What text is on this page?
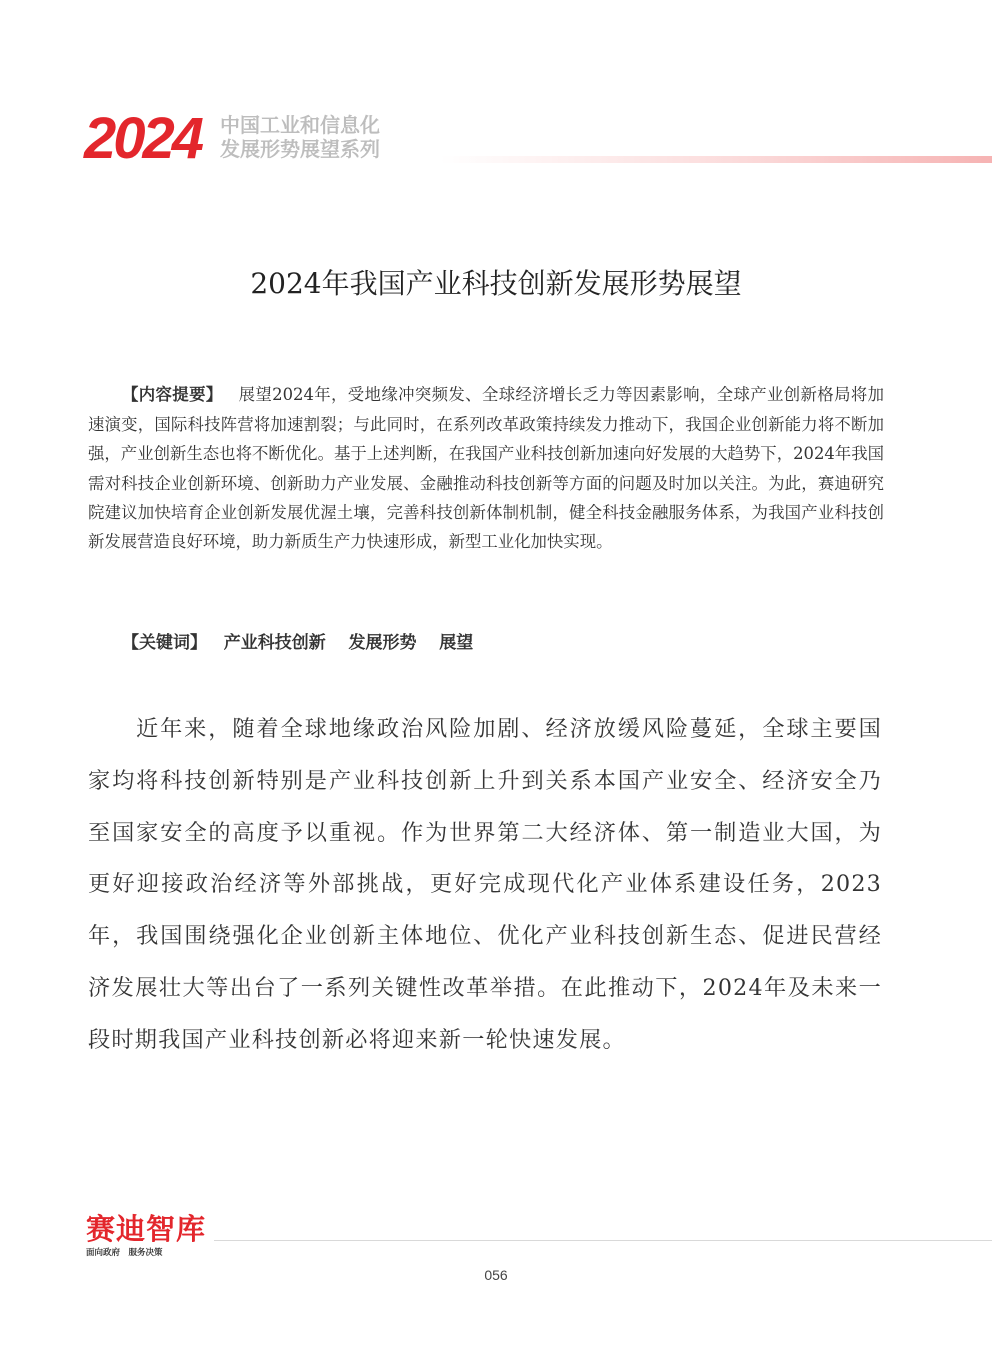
2024 中国工业和信息化
发展形势展望系列
2024年我国产业科技创新发展形势展望
【内容提要】 展望2024年，受地缘冲突频发、全球经济增长乏力等因素影响，全球产业创新格局将加速演变，国际科技阵营将加速割裂；与此同时，在系列改革政策持续发力推动下，我国企业创新能力将不断加强，产业创新生态也将不断优化。基于上述判断，在我国产业科技创新加速向好发展的大趋势下，2024年我国需对科技企业创新环境、创新助力产业发展、金融推动科技创新等方面的问题及时加以关注。为此，赛迪研究院建议加快培育企业创新发展优渥土壤，完善科技创新体制机制，健全科技金融服务体系，为我国产业科技创新发展营造良好环境，助力新质生产力快速形成，新型工业化加快实现。
【关键词】 产业科技创新 发展形势 展望

近年来，随着全球地缘政治风险加剧、经济放缓风险蔓延，全球主要国家均将科技创新特别是产业科技创新上升到关系本国产业安全、经济安全乃至国家安全的高度予以重视。作为世界第二大经济体、第一制造业大国，为更好迎接政治经济等外部挑战，更好完成现代化产业体系建设任务，2023年，我国围绕强化企业创新主体地位、优化产业科技创新生态、促进民营经济发展壮大等出台了一系列关键性改革举措。在此推动下，2024年及未来一段时期我国产业科技创新必将迎来新一轮快速发展。

赛迪智库
面向政府　服务决策
056
